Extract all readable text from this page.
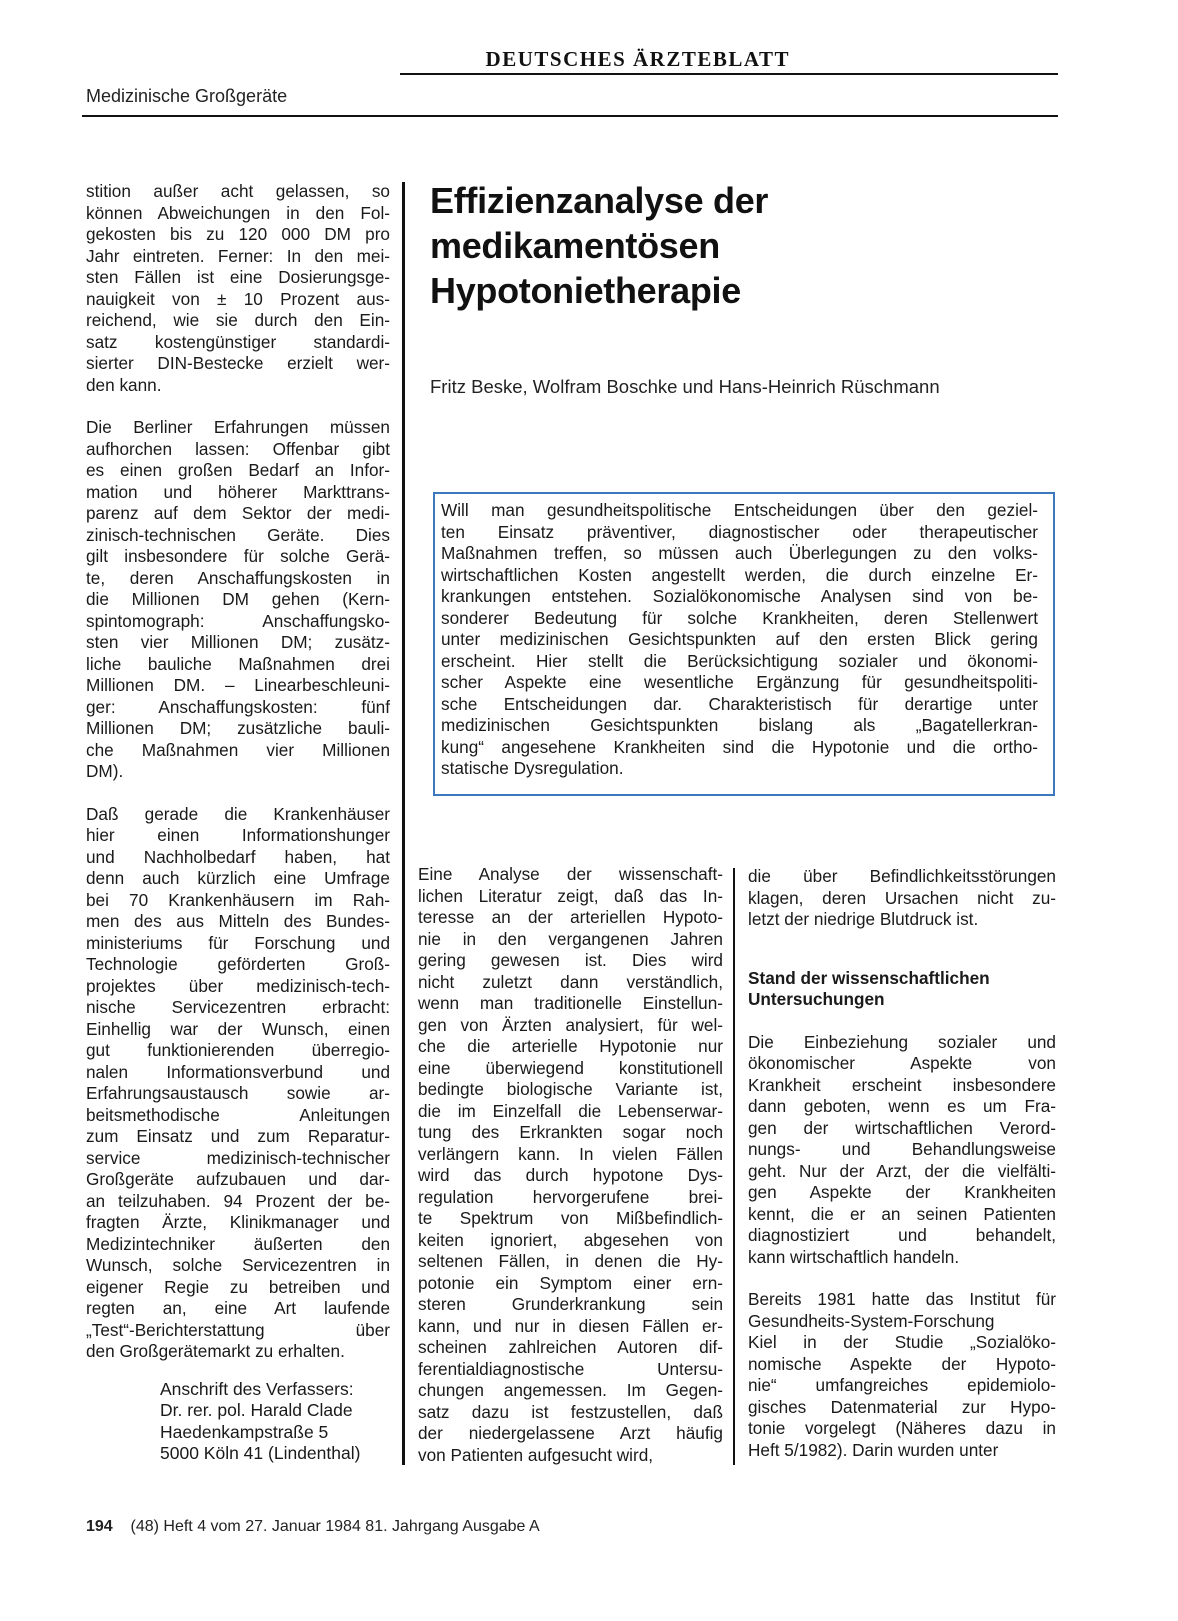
DEUTSCHES ÄRZTEBLATT
Medizinische Großgeräte

stition außer acht gelassen, so
können Abweichungen in den Fol-
gekosten bis zu 120 000 DM pro
Jahr eintreten. Ferner: In den mei-
sten Fällen ist eine Dosierungsge-
nauigkeit von ± 10 Prozent aus-
reichend, wie sie durch den Ein-
satz kostengünstiger standardi-
sierter DIN-Bestecke erzielt wer-
den kann.

Die Berliner Erfahrungen müssen
aufhorchen lassen: Offenbar gibt
es einen großen Bedarf an Infor-
mation und höherer Markttrans-
parenz auf dem Sektor der medi-
zinisch-technischen Geräte. Dies
gilt insbesondere für solche Gerä-
te, deren Anschaffungskosten in
die Millionen DM gehen (Kern-
spintomograph: Anschaffungsko-
sten vier Millionen DM; zusätz-
liche bauliche Maßnahmen drei
Millionen DM. – Linearbeschleuni-
ger: Anschaffungskosten: fünf
Millionen DM; zusätzliche bauli-
che Maßnahmen vier Millionen
DM).

Daß gerade die Krankenhäuser
hier einen Informationshunger
und Nachholbedarf haben, hat
denn auch kürzlich eine Umfrage
bei 70 Krankenhäusern im Rah-
men des aus Mitteln des Bundes-
ministeriums für Forschung und
Technologie geförderten Groß-
projektes über medizinisch-tech-
nische Servicezentren erbracht:
Einhellig war der Wunsch, einen
gut funktionierenden überregio-
nalen Informationsverbund und
Erfahrungsaustausch sowie ar-
beitsmethodische Anleitungen
zum Einsatz und zum Reparatur-
service medizinisch-technischer
Großgeräte aufzubauen und dar-
an teilzuhaben. 94 Prozent der be-
fragten Ärzte, Klinikmanager und
Medizintechniker äußerten den
Wunsch, solche Servicezentren in
eigener Regie zu betreiben und
regten an, eine Art laufende
„Test“-Berichterstattung über
den Großgerätemarkt zu erhalten.

Anschrift des Verfassers:
Dr. rer. pol. Harald Clade
Haedenkampstraße 5
5000 Köln 41 (Lindenthal)

Effizienzanalyse der
medikamentösen
Hypotonietherapie
Fritz Beske, Wolfram Boschke und Hans-Heinrich Rüschmann
Will man gesundheitspolitische Entscheidungen über den geziel-
ten Einsatz präventiver, diagnostischer oder therapeutischer
Maßnahmen treffen, so müssen auch Überlegungen zu den volks-
wirtschaftlichen Kosten angestellt werden, die durch einzelne Er-
krankungen entstehen. Sozialökonomische Analysen sind von be-
sonderer Bedeutung für solche Krankheiten, deren Stellenwert
unter medizinischen Gesichtspunkten auf den ersten Blick gering
erscheint. Hier stellt die Berücksichtigung sozialer und ökonomi-
scher Aspekte eine wesentliche Ergänzung für gesundheitspoliti-
sche Entscheidungen dar. Charakteristisch für derartige unter
medizinischen Gesichtspunkten bislang als „Bagatellerkran-
kung“ angesehene Krankheiten sind die Hypotonie und die ortho-
statische Dysregulation.
Eine Analyse der wissenschaft-
lichen Literatur zeigt, daß das In-
teresse an der arteriellen Hypoto-
nie in den vergangenen Jahren
gering gewesen ist. Dies wird
nicht zuletzt dann verständlich,
wenn man traditionelle Einstellun-
gen von Ärzten analysiert, für wel-
che die arterielle Hypotonie nur
eine überwiegend konstitutionell
bedingte biologische Variante ist,
die im Einzelfall die Lebenserwar-
tung des Erkrankten sogar noch
verlängern kann. In vielen Fällen
wird das durch hypotone Dys-
regulation hervorgerufene brei-
te Spektrum von Mißbefindlich-
keiten ignoriert, abgesehen von
seltenen Fällen, in denen die Hy-
potonie ein Symptom einer ern-
steren Grunderkrankung sein
kann, und nur in diesen Fällen er-
scheinen zahlreichen Autoren dif-
ferentialdiagnostische Untersu-
chungen angemessen. Im Gegen-
satz dazu ist festzustellen, daß
der niedergelassene Arzt häufig
von Patienten aufgesucht wird,

die über Befindlichkeitsstörungen
klagen, deren Ursachen nicht zu-
letzt der niedrige Blutdruck ist.

Stand der wissenschaftlichen
Untersuchungen

Die Einbeziehung sozialer und
ökonomischer Aspekte von
Krankheit erscheint insbesondere
dann geboten, wenn es um Fra-
gen der wirtschaftlichen Verord-
nungs- und Behandlungsweise
geht. Nur der Arzt, der die vielfälti-
gen Aspekte der Krankheiten
kennt, die er an seinen Patienten
diagnostiziert und behandelt,
kann wirtschaftlich handeln.

Bereits 1981 hatte das Institut für
Gesundheits-System-Forschung
Kiel in der Studie „Sozialöko-
nomische Aspekte der Hypoto-
nie“ umfangreiches epidemiolo-
gisches Datenmaterial zur Hypo-
tonie vorgelegt (Näheres dazu in
Heft 5/1982). Darin wurden unter

194 (48) Heft 4 vom 27. Januar 1984 81. Jahrgang Ausgabe A
